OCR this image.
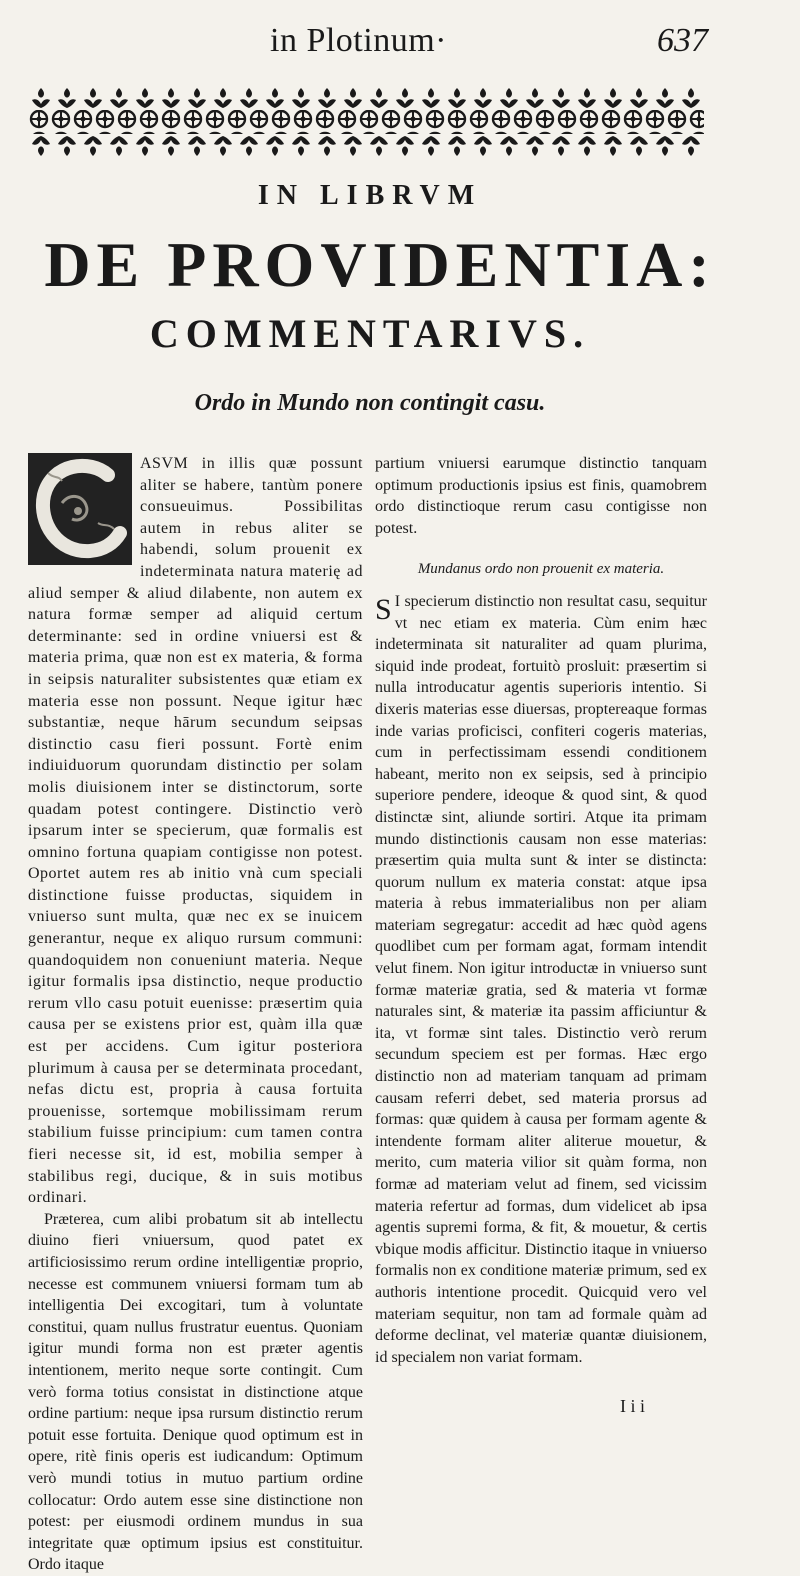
in Plotinum·	637
IN LIBRVM
DE PROVIDENTIA:
COMMENTARIVS.
Ordo in Mundo non contingit casu.

ASVM in illis quæ possunt aliter se habere, tantùm ponere consueuimus. Possibilitas autem in rebus aliter se habendi, solum prouenit ex indeterminata natura materię ad aliud semper & aliud dilabente, non autem ex natura formæ semper ad aliquid certum determinante: sed in ordine vniuersi est & materia prima, quæ non est ex materia, & forma in seipsis naturaliter subsistentes quæ etiam ex materia esse non possunt. Neque igitur hæc substantiæ, neque hārum secundum seipsas distinctio casu fieri possunt. Fortè enim indiuiduorum quorundam distinctio per solam molis diuisionem inter se distinctorum, sorte quadam potest contingere. Distinctio verò ipsarum inter se specierum, quæ formalis est omnino fortuna quapiam contigisse non potest. Oportet autem res ab initio vnà cum speciali distinctione fuisse productas, siquidem in vniuerso sunt multa, quæ nec ex se inuicem generantur, neque ex aliquo rursum communi: quandoquidem non conueniunt materia. Neque igitur formalis ipsa distinctio, neque productio rerum vllo casu potuit euenisse: præsertim quia causa per se existens prior est, quàm illa quæ est per accidens. Cum igitur posteriora plurimum à causa per se determinata procedant, nefas dictu est, propria à causa fortuita prouenisse, sortemque mobilissimam rerum stabilium fuisse principium: cum tamen contra fieri necesse sit, id est, mobilia semper à stabilibus regi, ducique, & in suis motibus ordinari.

Præterea, cum alibi probatum sit ab intellectu diuino fieri vniuersum, quod patet ex artificiosissimo rerum ordine intelligentiæ proprio, necesse est communem vniuersi formam tum ab intelligentia Dei excogitari, tum à voluntate constitui, quam nullus frustratur euentus. Quoniam igitur mundi forma non est præter agentis intentionem, merito neque sorte contingit. Cum verò forma totius consistat in distinctione atque ordine partium: neque ipsa rursum distinctio rerum potuit esse fortuita. Denique quod optimum est in opere, ritè finis operis est iudicandum: Optimum verò mundi totius in mutuo partium ordine collocatur: Ordo autem esse sine distinctione non potest: per eiusmodi ordinem mundus in sua integritate quæ optimum ipsius est constituitur. Ordo itaque

partium vniuersi earumque distinctio tanquam optimum productionis ipsius est finis, quamobrem ordo distinctioque rerum casu contigisse non potest.

Mundanus ordo non prouenit ex materia.

S I specierum distinctio non resultat casu, sequitur vt nec etiam ex materia. Cùm enim hæc indeterminata sit naturaliter ad quam plurima, siquid inde prodeat, fortuitò prosluit: præsertim si nulla introducatur agentis superioris intentio. Si dixeris materias esse diuersas, proptereaque formas inde varias proficisci, confiteri cogeris materias, cum in perfectissimam essendi conditionem habeant, merito non ex seipsis, sed à principio superiore pendere, ideoque & quod sint, & quod distinctæ sint, aliunde sortiri. Atque ita primam mundo distinctionis causam non esse materias: præsertim quia multa sunt & inter se distincta: quorum nullum ex materia constat: atque ipsa materia à rebus immaterialibus non per aliam materiam segregatur: accedit ad hæc quòd agens quodlibet cum per formam agat, formam intendit velut finem. Non igitur introductæ in vniuerso sunt formæ materiæ gratia, sed & materia vt formæ naturales sint, & materiæ ita passim afficiuntur & ita, vt formæ sint tales. Distinctio verò rerum secundum speciem est per formas. Hæc ergo distinctio non ad materiam tanquam ad primam causam referri debet, sed materia prorsus ad formas: quæ quidem à causa per formam agente & intendente formam aliter aliterue mouetur, & merito, cum materia vilior sit quàm forma, non formæ ad materiam velut ad finem, sed vicissim materia refertur ad formas, dum videlicet ab ipsa agentis supremi forma, & fit, & mouetur, & certis vbique modis afficitur. Distinctio itaque in vniuerso formalis non ex conditione materiæ primum, sed ex authoris intentione procedit. Quicquid vero vel materiam sequitur, non tam ad formale quàm ad deforme declinat, vel materiæ quantæ diuisionem, id specialem non variat formam.

I i i
